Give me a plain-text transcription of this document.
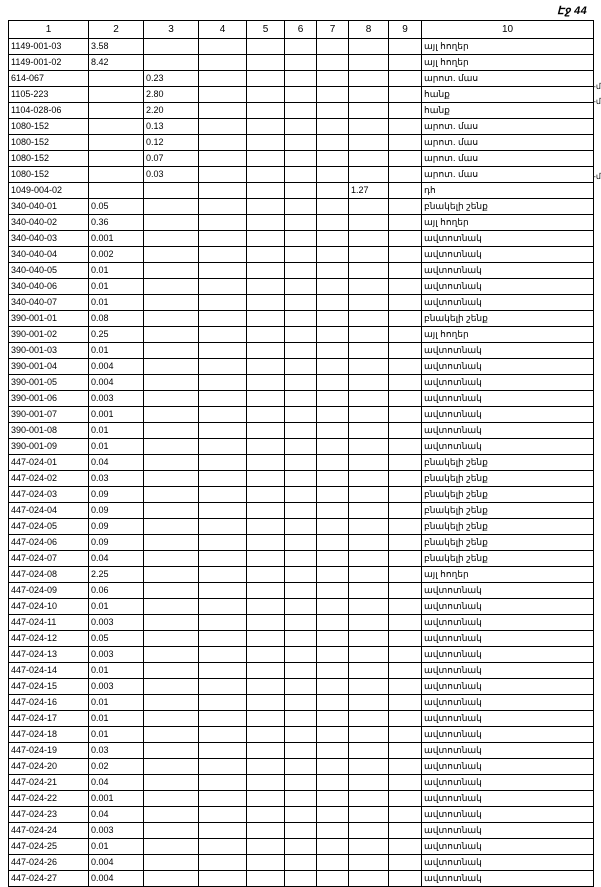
Էջ 44
1	2	3	4	5	6	7	8	9	10
1149-001-03	3.58								այլ հողեր
1149-001-02	8.42								այլ հողեր
614-067		0.23							արոտ. մաս
1105-223		2.80							հանք
1104-028-06		2.20							հանք
1080-152		0.13							արոտ. մաս
1080-152		0.12							արոտ. մաս
1080-152		0.07							արոտ. մաս
1080-152		0.03							արոտ. մաս
1049-004-02							1.27		դհ
340-040-01	0.05								բնակելի շենք
340-040-02	0.36								այլ հողեր
340-040-03	0.001								ավտոտնակ
340-040-04	0.002								ավտոտնակ
340-040-05	0.01								ավտոտնակ
340-040-06	0.01								ավտոտնակ
340-040-07	0.01								ավտոտնակ
390-001-01	0.08								բնակելի շենք
390-001-02	0.25								այլ հողեր
390-001-03	0.01								ավտոտնակ
390-001-04	0.004								ավտոտնակ
390-001-05	0.004								ավտոտնակ
390-001-06	0.003								ավտոտնակ
390-001-07	0.001								ավտոտնակ
390-001-08	0.01								ավտոտնակ
390-001-09	0.01								ավտոտնակ
447-024-01	0.04								բնակելի շենք
447-024-02	0.03								բնակելի շենք
447-024-03	0.09								բնակելի շենք
447-024-04	0.09								բնակելի շենք
447-024-05	0.09								բնակելի շենք
447-024-06	0.09								բնակելի շենք
447-024-07	0.04								բնակելի շենք
447-024-08	2.25								այլ հողեր
447-024-09	0.06								ավտոտնակ
447-024-10	0.01								ավտոտնակ
447-024-11	0.003								ավտոտնակ
447-024-12	0.05								ավտոտնակ
447-024-13	0.003								ավտոտնակ
447-024-14	0.01								ավտոտնակ
447-024-15	0.003								ավտոտնակ
447-024-16	0.01								ավտոտնակ
447-024-17	0.01								ավտոտնակ
447-024-18	0.01								ավտոտնակ
447-024-19	0.03								ավտոտնակ
447-024-20	0.02								ավտոտնակ
447-024-21	0.04								ավտոտնակ
447-024-22	0.001								ավտոտնակ
447-024-23	0.04								ավտոտնակ
447-024-24	0.003								ավտոտնակ
447-024-25	0.01								ավտոտնակ
447-024-26	0.004								ավտոտնակ
447-024-27	0.004								ավտոտնակ
-մ
-մ
-մ
